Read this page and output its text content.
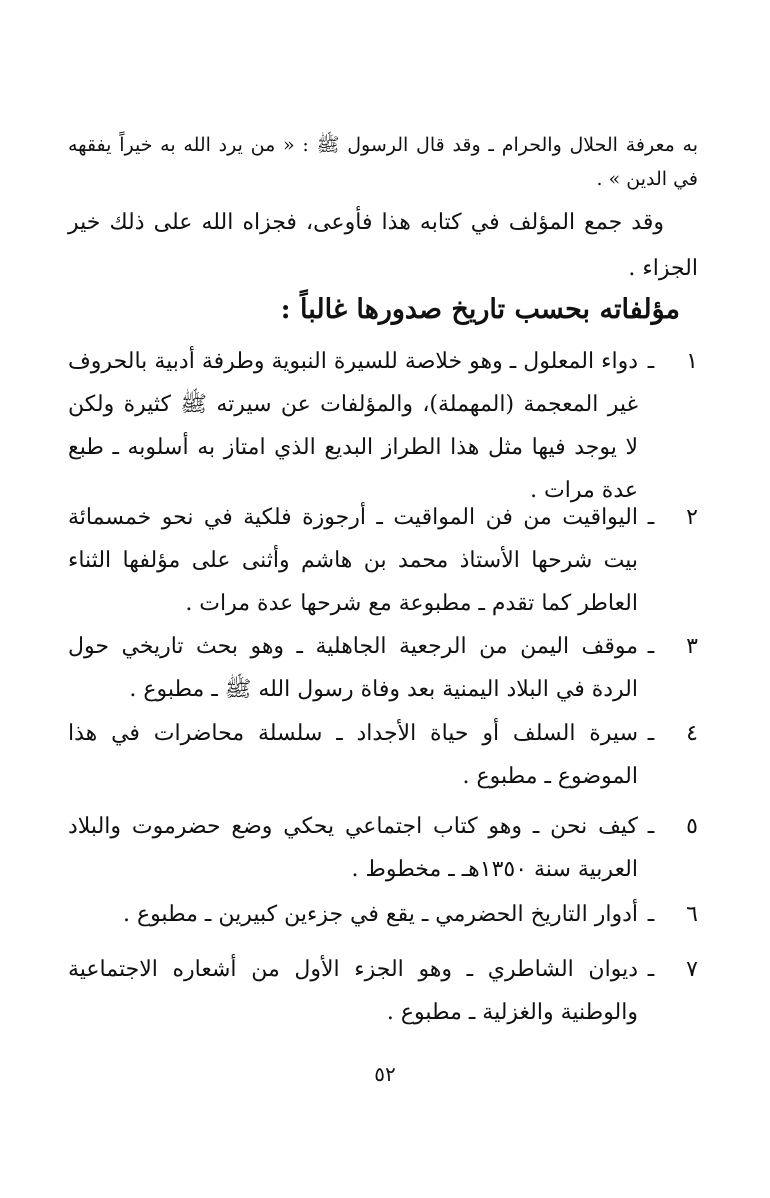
به معرفة الحلال والحرام ـ وقد قال الرسول ﷺ : « من يرد الله به خيراً يفقهه في الدين » .
وقد جمع المؤلف في كتابه هذا فأوعى، فجزاه الله على ذلك خير الجزاء .
مؤلفاته بحسب تاريخ صدورها غالباً :
١
ـ
دواء المعلول ـ وهو خلاصة للسيرة النبوية وطرفة أدبية بالحروف غير المعجمة (المهملة)، والمؤلفات عن سيرته ﷺ كثيرة ولكن لا يوجد فيها مثل هذا الطراز البديع الذي امتاز به أسلوبه ـ طبع عدة مرات .
٢
ـ
اليواقيت من فن المواقيت ـ أرجوزة فلكية في نحو خمسمائة بيت شرحها الأستاذ محمد بن هاشم وأثنى على مؤلفها الثناء العاطر كما تقدم ـ مطبوعة مع شرحها عدة مرات .
٣
ـ
موقف اليمن من الرجعية الجاهلية ـ وهو بحث تاريخي حول الردة في البلاد اليمنية بعد وفاة رسول الله ﷺ ـ مطبوع .
٤
ـ
سيرة السلف أو حياة الأجداد ـ سلسلة محاضرات في هذا الموضوع ـ مطبوع .
٥
ـ
كيف نحن ـ وهو كتاب اجتماعي يحكي وضع حضرموت والبلاد العربية سنة ١٣٥٠هـ ـ مخطوط .
٦
ـ
أدوار التاريخ الحضرمي ـ يقع في جزءين كبيرين ـ مطبوع .
٧
ـ
ديوان الشاطري ـ وهو الجزء الأول من أشعاره الاجتماعية والوطنية والغزلية ـ مطبوع .
٥٢
